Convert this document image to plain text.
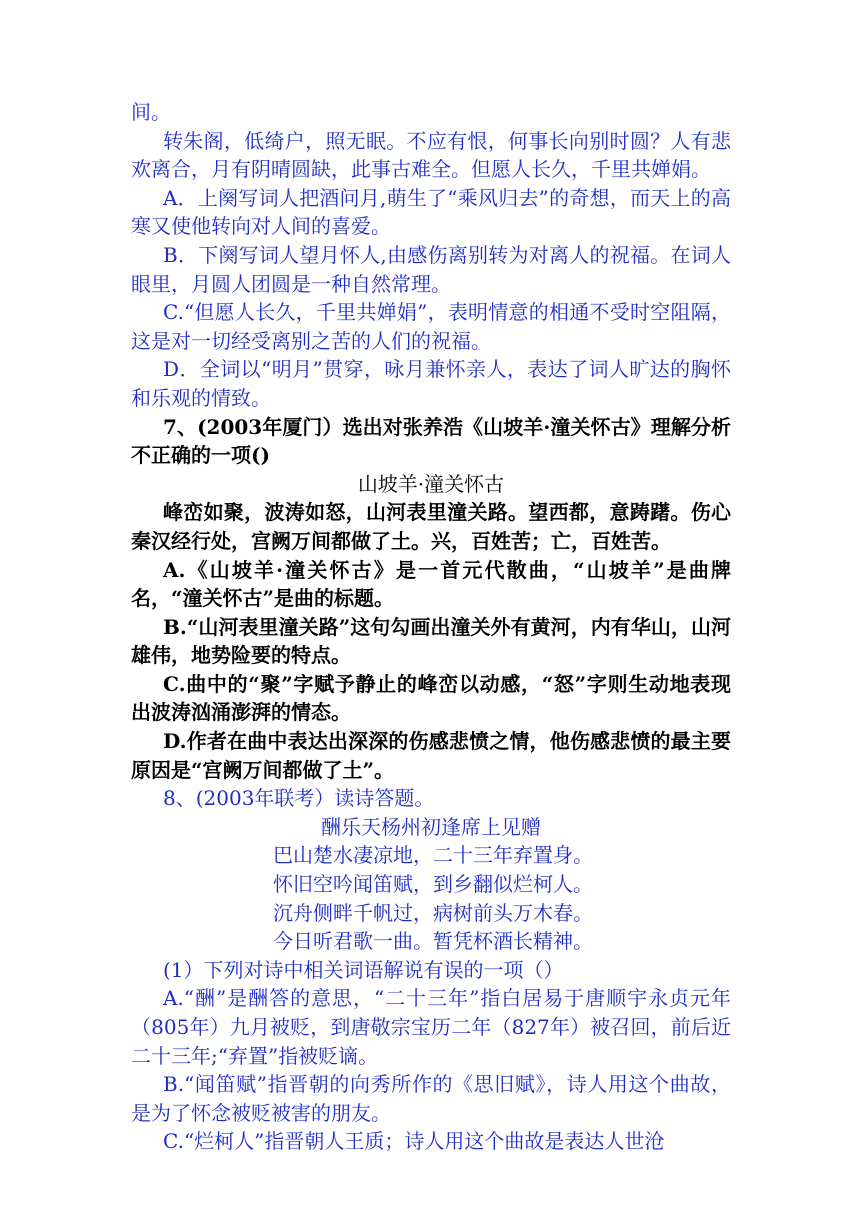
间。

转朱阁，低绮户，照无眠。不应有恨，何事长向别时圆？人有悲欢离合，月有阴晴圆缺，此事古难全。但愿人长久，千里共婵娟。

A．上阕写词人把酒问月,萌生了“乘风归去”的奇想，而天上的高寒又使他转向对人间的喜爱。

B．下阕写词人望月怀人,由感伤离别转为对离人的祝福。在词人眼里，月圆人团圆是一种自然常理。

C.“但愿人长久，千里共婵娟”，表明情意的相通不受时空阻隔，这是对一切经受离别之苦的人们的祝福。

D．全词以“明月”贯穿，咏月兼怀亲人，表达了词人旷达的胸怀和乐观的情致。

7、(2003年厦门）选出对张养浩《山坡羊·潼关怀古》理解分析不正确的一项()

山坡羊·潼关怀古

峰峦如聚，波涛如怒，山河表里潼关路。望西都，意踌躇。伤心秦汉经行处，宫阙万间都做了土。兴，百姓苦；亡，百姓苦。

A.《山坡羊·潼关怀古》是一首元代散曲，“山坡羊”是曲牌名，“潼关怀古”是曲的标题。

B.“山河表里潼关路”这句勾画出潼关外有黄河，内有华山，山河雄伟，地势险要的特点。

C.曲中的“聚”字赋予静止的峰峦以动感，“怒”字则生动地表现出波涛汹涌澎湃的情态。

D.作者在曲中表达出深深的伤感悲愤之情，他伤感悲愤的最主要原因是“宫阙万间都做了土”。

8、(2003年联考）读诗答题。

酬乐天杨州初逢席上见赠

巴山楚水凄凉地，二十三年弃置身。

怀旧空吟闻笛赋，到乡翻似烂柯人。

沉舟侧畔千帆过，病树前头万木春。

今日听君歌一曲。暂凭杯酒长精神。

(1）下列对诗中相关词语解说有误的一项（）

A.“酬”是酬答的意思，“二十三年”指白居易于唐顺宇永贞元年（805年）九月被贬，到唐敬宗宝历二年（827年）被召回，前后近二十三年;“弃置”指被贬谪。

B.“闻笛赋”指晋朝的向秀所作的《思旧赋》，诗人用这个曲故，是为了怀念被贬被害的朋友。

C.“烂柯人”指晋朝人王质；诗人用这个曲故是表达人世沧
